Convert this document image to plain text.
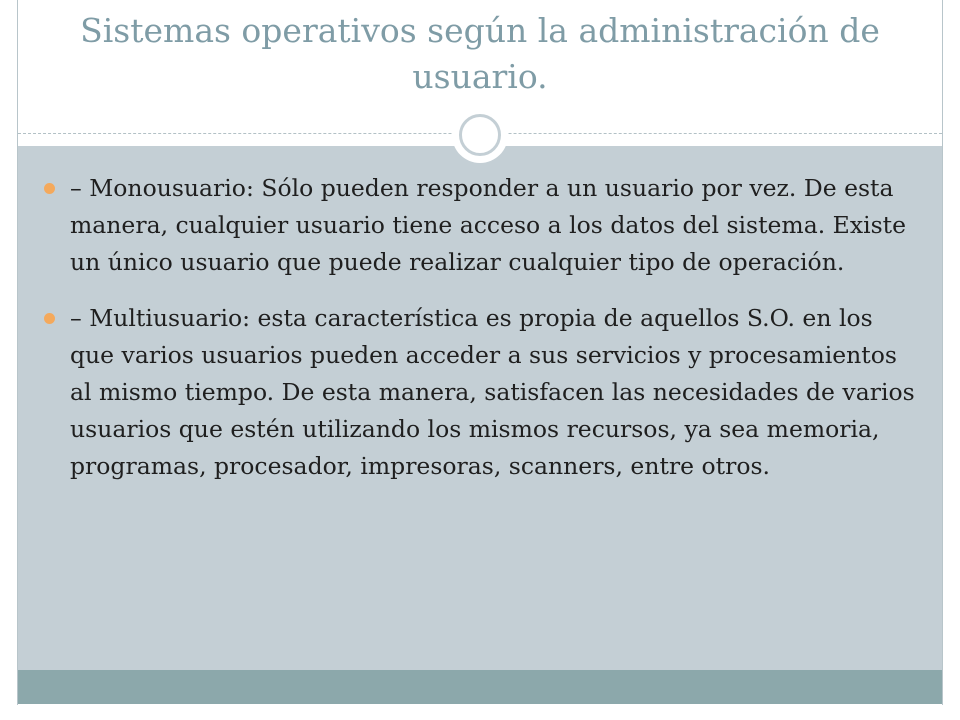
Sistemas operativos según la administración de usuario.
– Monousuario: Sólo pueden responder a un usuario por vez. De esta manera, cualquier usuario tiene acceso a los datos del sistema. Existe un único usuario que puede realizar cualquier tipo de operación.
– Multiusuario: esta característica es propia de aquellos S.O. en los que varios usuarios pueden acceder a sus servicios y procesamientos al mismo tiempo. De esta manera, satisfacen las necesidades de varios usuarios que estén utilizando los mismos recursos, ya sea memoria, programas, procesador, impresoras, scanners, entre otros.
